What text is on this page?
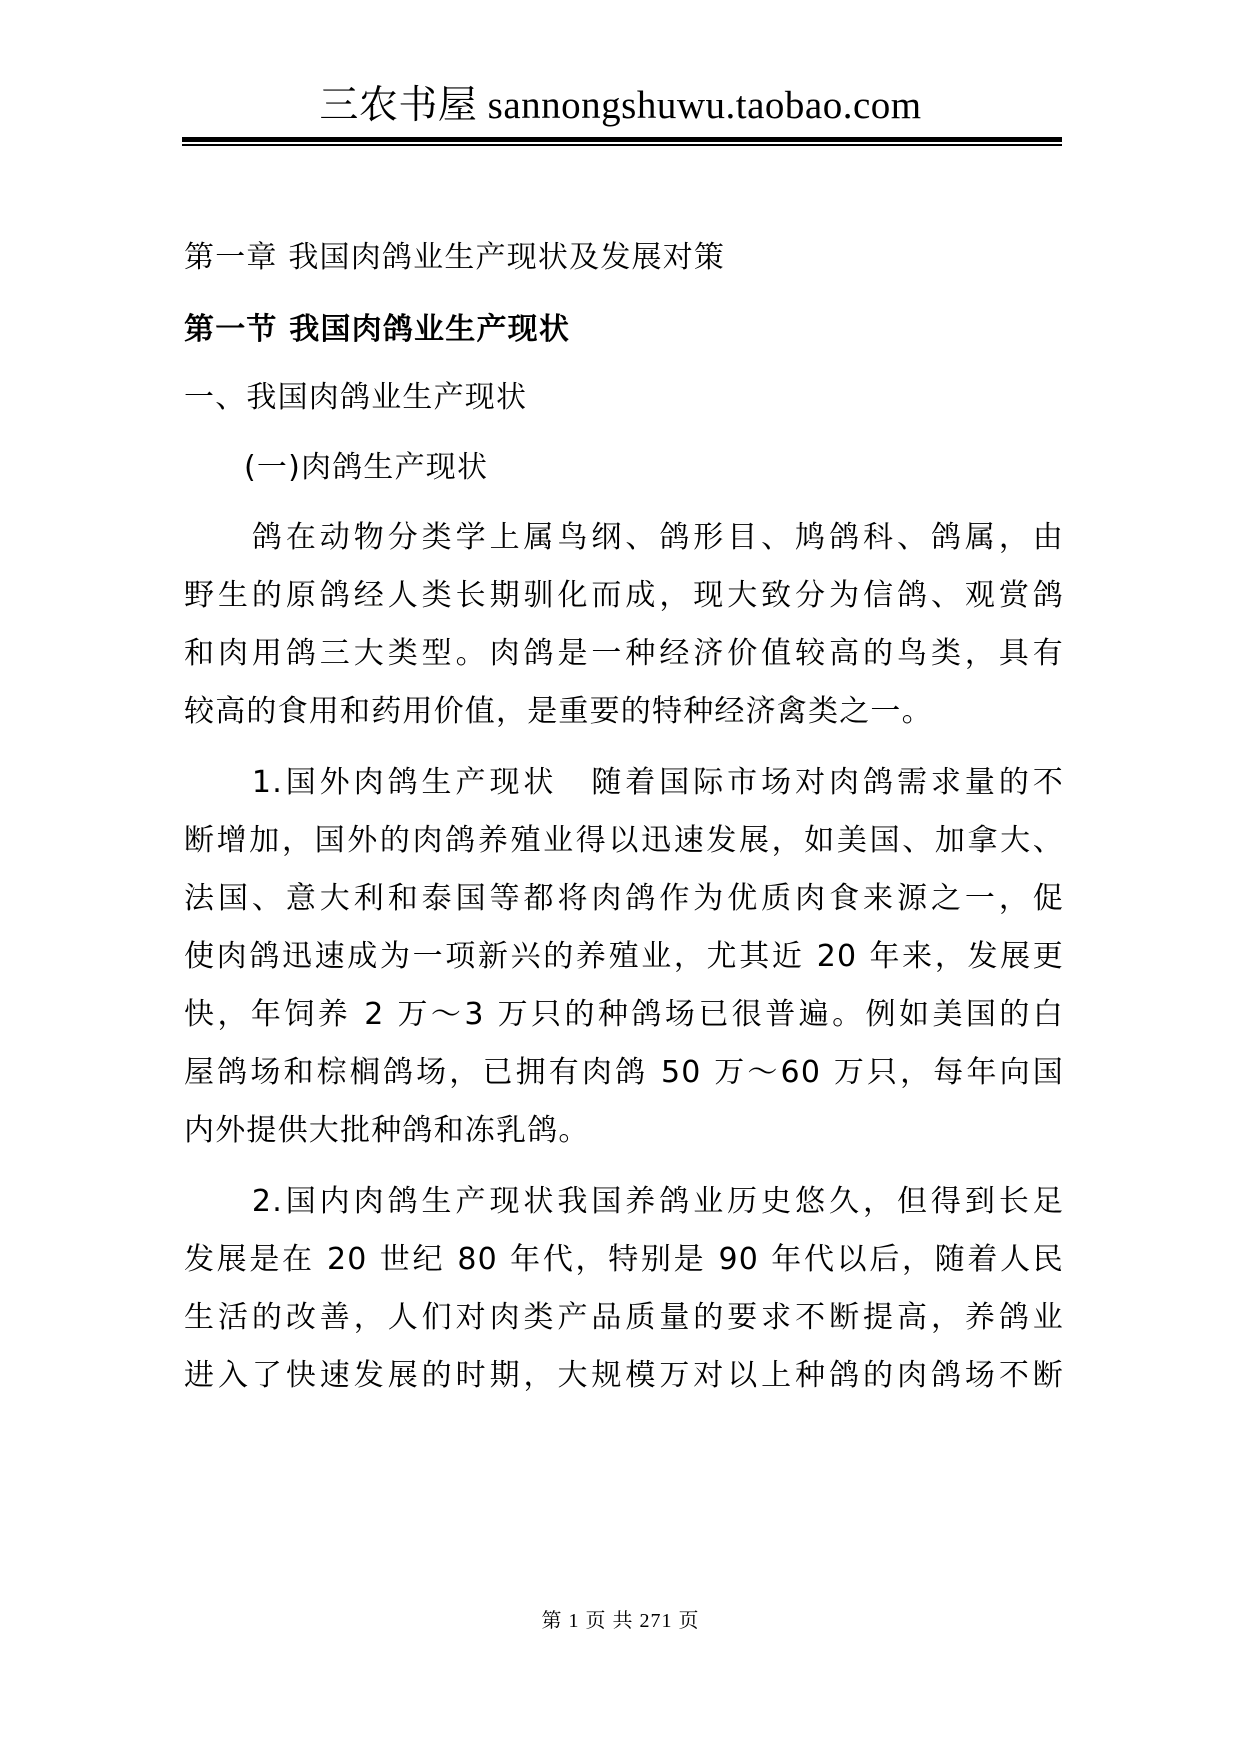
三农书屋 sannongshuwu.taobao.com
第一章 我国肉鸽业生产现状及发展对策
第一节 我国肉鸽业生产现状
一、我国肉鸽业生产现状
(一)肉鸽生产现状
　　鸽在动物分类学上属鸟纲、鸽形目、鸠鸽科、鸽属，由
野生的原鸽经人类长期驯化而成，现大致分为信鸽、观赏鸽
和肉用鸽三大类型。肉鸽是一种经济价值较高的鸟类，具有
较高的食用和药用价值，是重要的特种经济禽类之一。
　　1.国外肉鸽生产现状　随着国际市场对肉鸽需求量的不
断增加，国外的肉鸽养殖业得以迅速发展，如美国、加拿大、
法国、意大利和泰国等都将肉鸽作为优质肉食来源之一，促
使肉鸽迅速成为一项新兴的养殖业，尤其近 20 年来，发展更
快，年饲养 2 万～3 万只的种鸽场已很普遍。例如美国的白
屋鸽场和棕榈鸽场，已拥有肉鸽 50 万～60 万只，每年向国
内外提供大批种鸽和冻乳鸽。
　　2.国内肉鸽生产现状我国养鸽业历史悠久，但得到长足
发展是在 20 世纪 80 年代，特别是 90 年代以后，随着人民
生活的改善，人们对肉类产品质量的要求不断提高，养鸽业
进入了快速发展的时期，大规模万对以上种鸽的肉鸽场不断
第 1 页 共 271 页
